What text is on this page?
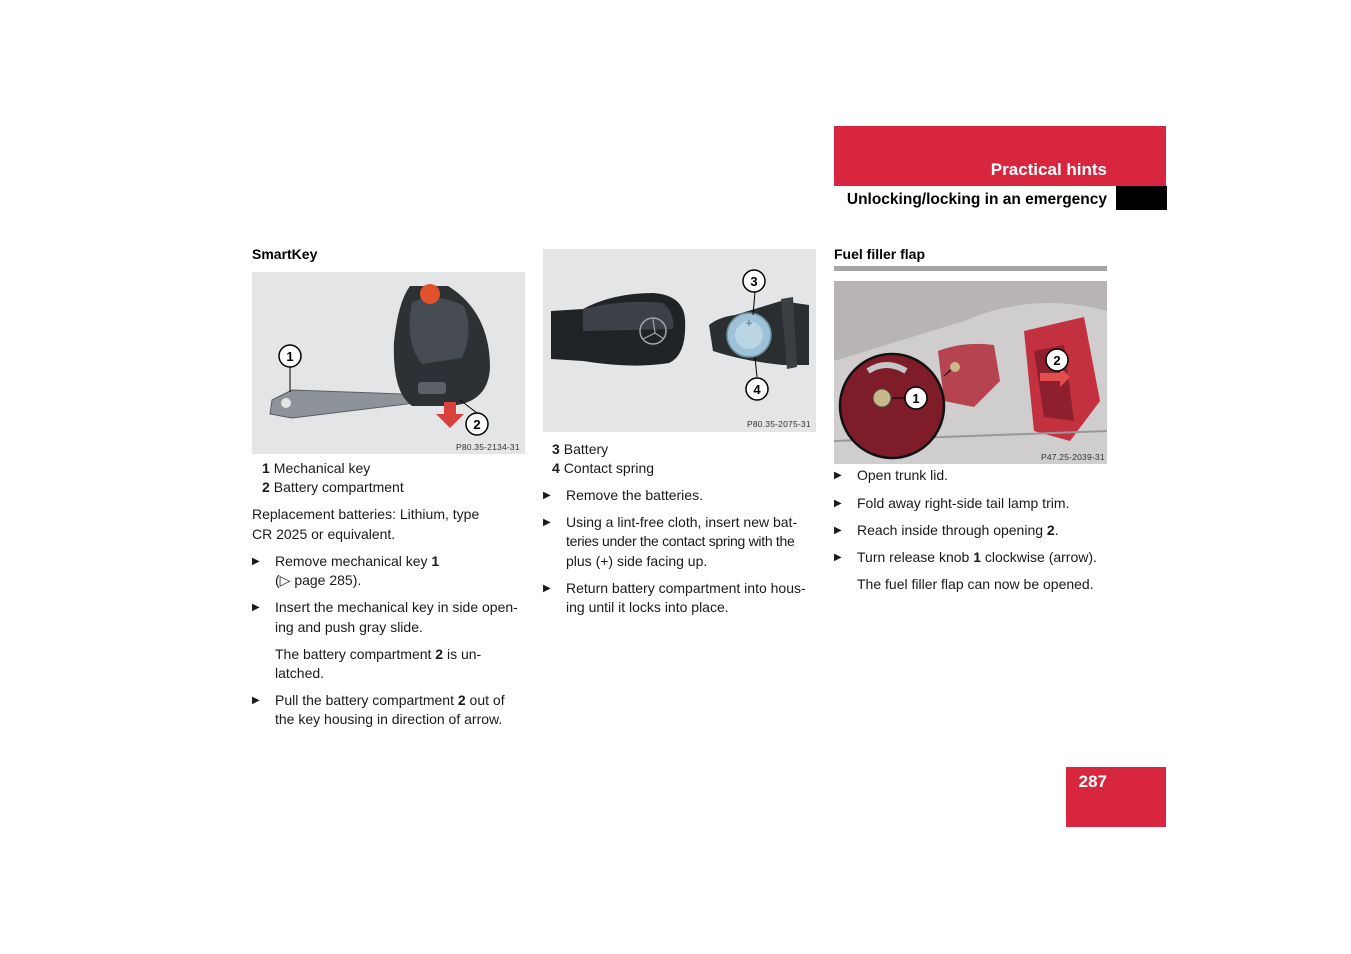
Practical hints
Unlocking/locking in an emergency
SmartKey
1
2
P80.35-2134-31
1 Mechanical key
2 Battery compartment
Replacement batteries: Lithium, type
CR 2025 or equivalent.
▶ Remove mechanical key 1
(▷ page 285).
▶ Insert the mechanical key in side open-
ing and push gray slide.
The battery compartment 2 is un-
latched.
▶ Pull the battery compartment 2 out of
the key housing in direction of arrow.
+
3
4
P80.35-2075-31
3 Battery
4 Contact spring
▶ Remove the batteries.
▶ Using a lint-free cloth, insert new bat-
teries under the contact spring with the
plus (+) side facing up.
▶ Return battery compartment into hous-
ing until it locks into place.
Fuel filler flap
1
2
P47.25-2039-31
▶ Open trunk lid.
▶ Fold away right-side tail lamp trim.
▶ Reach inside through opening 2.
▶ Turn release knob 1 clockwise (arrow).
The fuel filler flap can now be opened.
287
